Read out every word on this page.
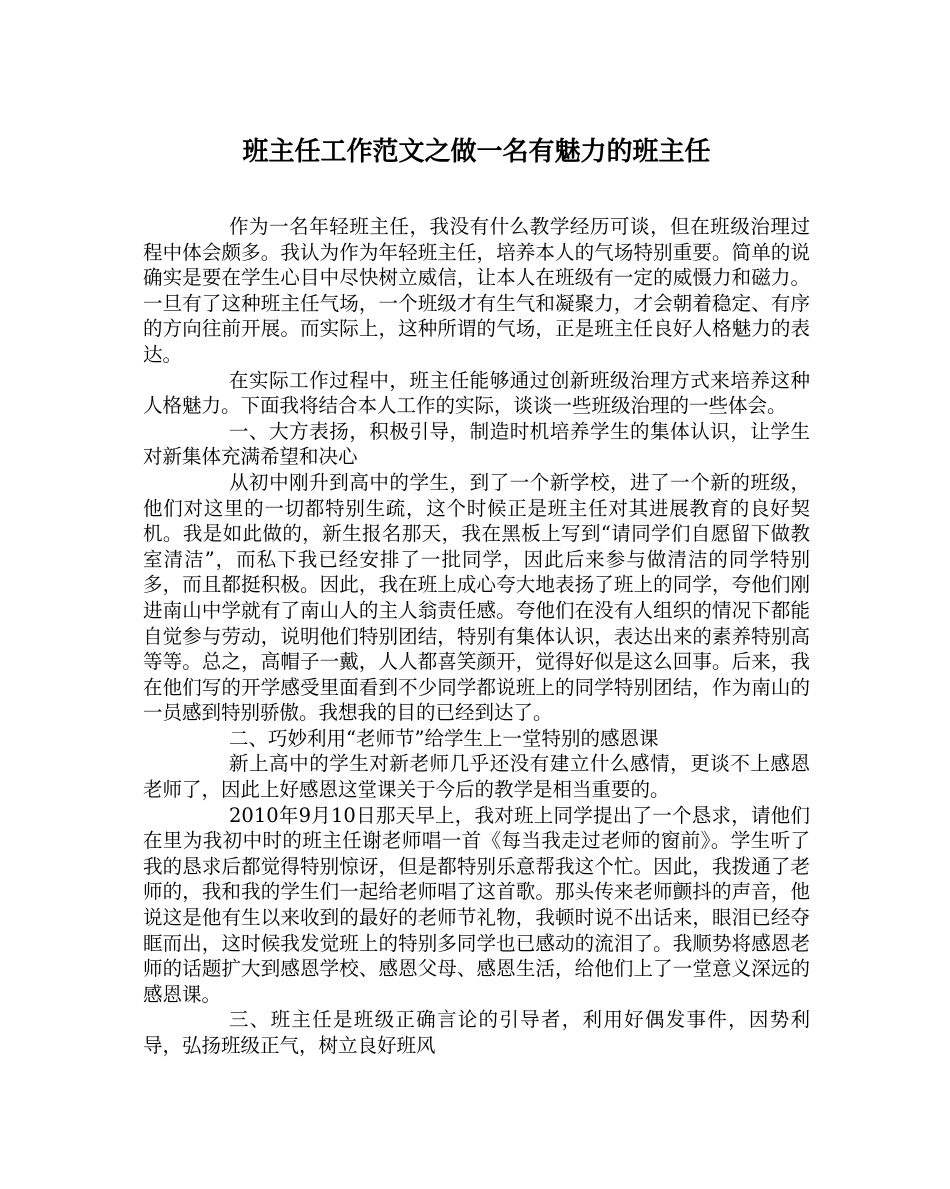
班主任工作范文之做一名有魅力的班主任

作为一名年轻班主任，我没有什么教学经历可谈，但在班级治理过程中体会颇多。我认为作为年轻班主任，培养本人的气场特别重要。简单的说确实是要在学生心目中尽快树立威信，让本人在班级有一定的威慑力和磁力。一旦有了这种班主任气场，一个班级才有生气和凝聚力，才会朝着稳定、有序的方向往前开展。而实际上，这种所谓的气场，正是班主任良好人格魅力的表达。

在实际工作过程中，班主任能够通过创新班级治理方式来培养这种人格魅力。下面我将结合本人工作的实际，谈谈一些班级治理的一些体会。

一、大方表扬，积极引导，制造时机培养学生的集体认识，让学生对新集体充满希望和决心

从初中刚升到高中的学生，到了一个新学校，进了一个新的班级，他们对这里的一切都特别生疏，这个时候正是班主任对其进展教育的良好契机。我是如此做的，新生报名那天，我在黑板上写到“请同学们自愿留下做教室清洁”，而私下我已经安排了一批同学，因此后来参与做清洁的同学特别多，而且都挺积极。因此，我在班上成心夸大地表扬了班上的同学，夸他们刚进南山中学就有了南山人的主人翁责任感。夸他们在没有人组织的情况下都能自觉参与劳动，说明他们特别团结，特别有集体认识，表达出来的素养特别高等等。总之，高帽子一戴，人人都喜笑颜开，觉得好似是这么回事。后来，我在他们写的开学感受里面看到不少同学都说班上的同学特别团结，作为南山的一员感到特别骄傲。我想我的目的已经到达了。

二、巧妙利用“老师节”给学生上一堂特别的感恩课

新上高中的学生对新老师几乎还没有建立什么感情，更谈不上感恩老师了，因此上好感恩这堂课关于今后的教学是相当重要的。

2010年9月10日那天早上，我对班上同学提出了一个恳求，请他们在里为我初中时的班主任谢老师唱一首《每当我走过老师的窗前》。学生听了我的恳求后都觉得特别惊讶，但是都特别乐意帮我这个忙。因此，我拨通了老师的，我和我的学生们一起给老师唱了这首歌。那头传来老师颤抖的声音，他说这是他有生以来收到的最好的老师节礼物，我顿时说不出话来，眼泪已经夺眶而出，这时候我发觉班上的特别多同学也已感动的流泪了。我顺势将感恩老师的话题扩大到感恩学校、感恩父母、感恩生活，给他们上了一堂意义深远的感恩课。

三、班主任是班级正确言论的引导者，利用好偶发事件，因势利导，弘扬班级正气，树立良好班风
